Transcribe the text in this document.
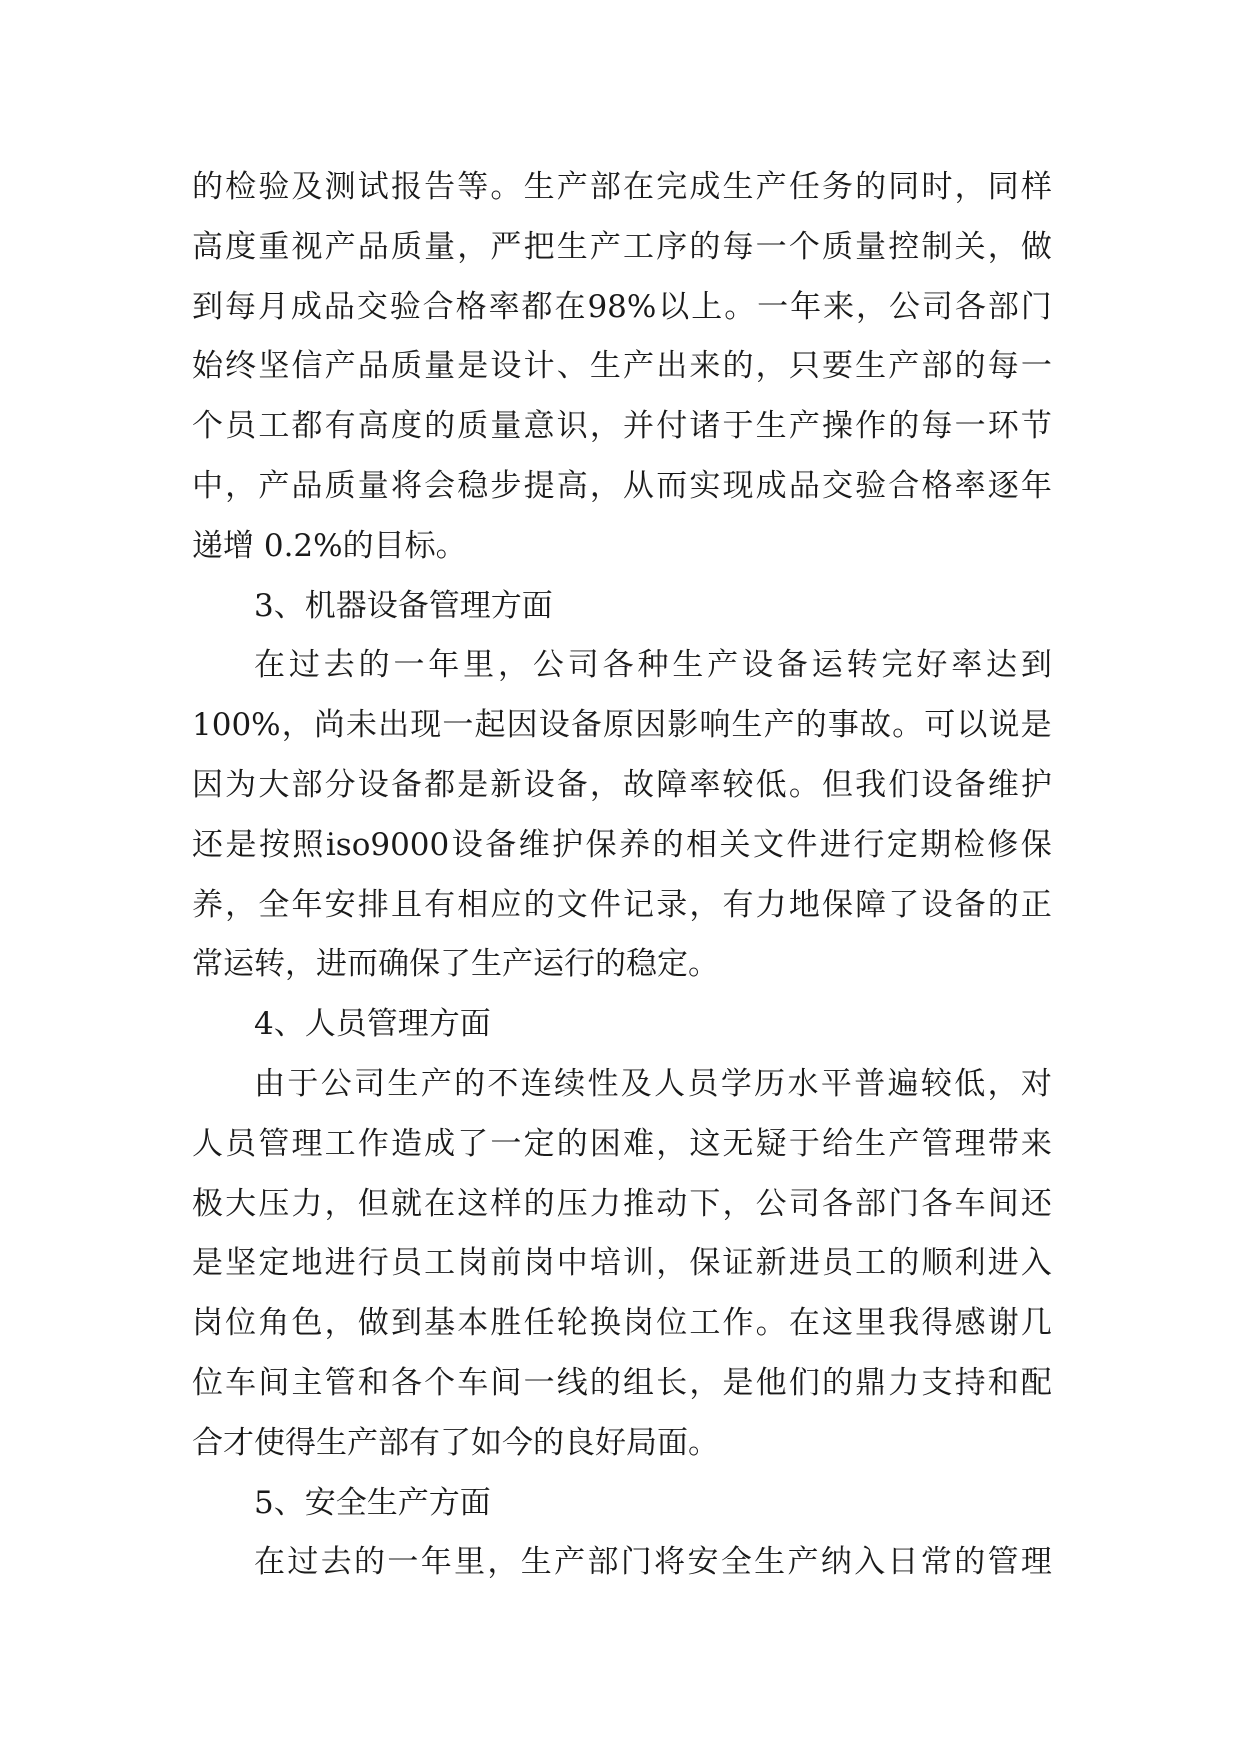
的 检 验 及 测 试 报 告 等 。 生 产 部 在 完 成 生 产 任 务 的 同 时 ， 同 样
高 度 重 视 产 品 质 量 ， 严 把 生 产 工 序 的 每 一 个 质 量 控 制 关 ， 做
到 每 月 成 品 交 验 合 格 率 都 在 98% 以 上 。 一 年 来 ， 公 司 各 部 门
始 终 坚 信 产 品 质 量 是 设 计 、 生 产 出 来 的 ， 只 要 生 产 部 的 每 一
个 员 工 都 有 高 度 的 质 量 意 识 ， 并 付 诸 于 生 产 操 作 的 每 一 环 节
中 ， 产 品 质 量 将 会 稳 步 提 高 ， 从 而 实 现 成 品 交 验 合 格 率 逐 年
递增 0.2%的目标。
3、机器设备管理方面
在 过 去 的 一 年 里 ， 公 司 各 种 生 产 设 备 运 转 完 好 率 达 到
100% ， 尚 未 出 现 一 起 因 设 备 原 因 影 响 生 产 的 事 故 。 可 以 说 是
因 为 大 部 分 设 备 都 是 新 设 备 ， 故 障 率 较 低 。 但 我 们 设 备 维 护
还 是 按 照 iso9000 设 备 维 护 保 养 的 相 关 文 件 进 行 定 期 检 修 保
养 ， 全 年 安 排 且 有 相 应 的 文 件 记 录 ， 有 力 地 保 障 了 设 备 的 正
常运转，进而确保了生产运行的稳定。
4、人员管理方面
由 于 公 司 生 产 的 不 连 续 性 及 人 员 学 历 水 平 普 遍 较 低 ， 对
人 员 管 理 工 作 造 成 了 一 定 的 困 难 ， 这 无 疑 于 给 生 产 管 理 带 来
极 大 压 力 ， 但 就 在 这 样 的 压 力 推 动 下 ， 公 司 各 部 门 各 车 间 还
是 坚 定 地 进 行 员 工 岗 前 岗 中 培 训 ， 保 证 新 进 员 工 的 顺 利 进 入
岗 位 角 色 ， 做 到 基 本 胜 任 轮 换 岗 位 工 作 。 在 这 里 我 得 感 谢 几
位 车 间 主 管 和 各 个 车 间 一 线 的 组 长 ， 是 他 们 的 鼎 力 支 持 和 配
合才使得生产部有了如今的良好局面。
5、安全生产方面
在 过 去 的 一 年 里 ， 生 产 部 门 将 安 全 生 产 纳 入 日 常 的 管 理
